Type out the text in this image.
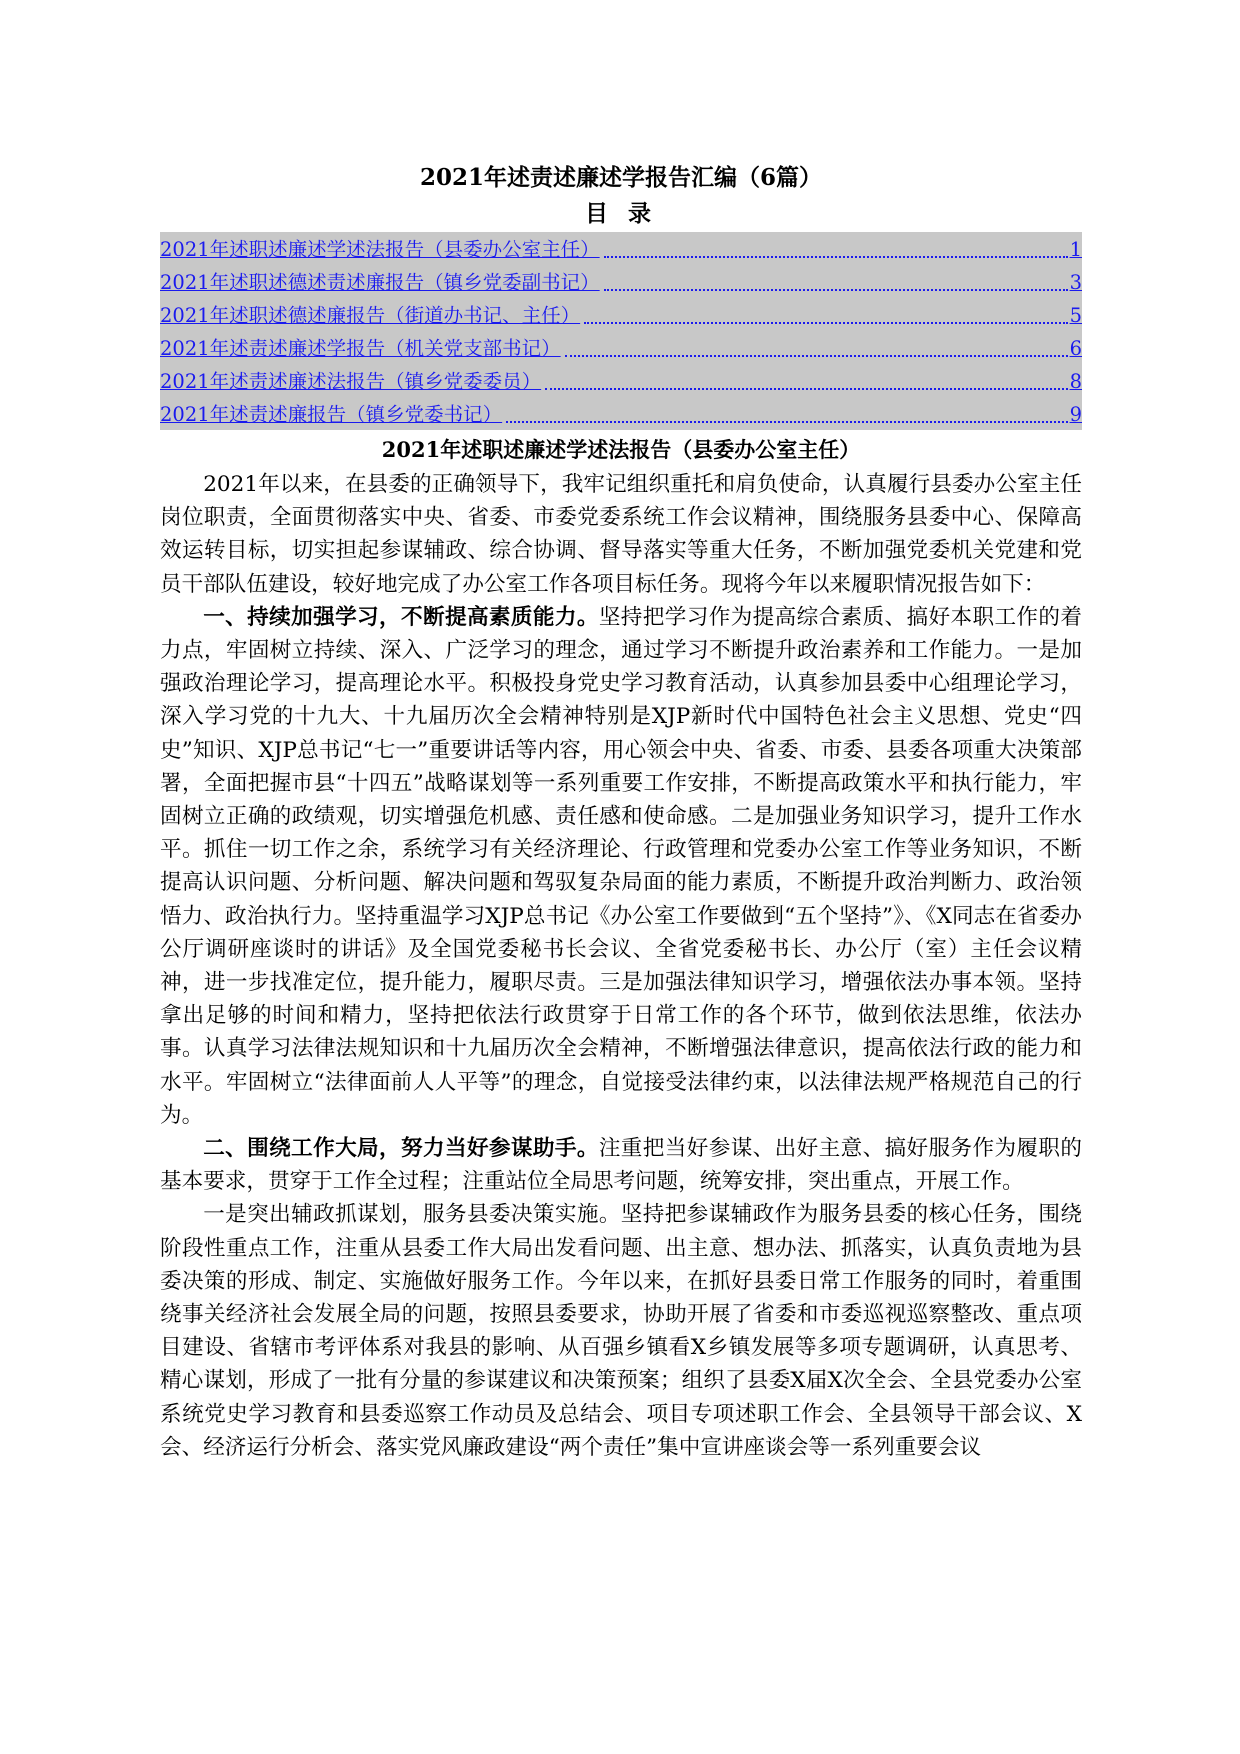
2021年述责述廉述学报告汇编（6篇）
目 录
2021年述职述廉述学述法报告（县委办公室主任）	1
2021年述职述德述责述廉报告（镇乡党委副书记）	3
2021年述职述德述廉报告（街道办书记、主任）	5
2021年述责述廉述学报告（机关党支部书记）	6
2021年述责述廉述法报告（镇乡党委委员）	8
2021年述责述廉报告（镇乡党委书记）	9
2021年述职述廉述学述法报告（县委办公室主任）

2021年以来，在县委的正确领导下，我牢记组织重托和肩负使命，认真履行县委办公室主任岗位职责，全面贯彻落实中央、省委、市委党委系统工作会议精神，围绕服务县委中心、保障高效运转目标，切实担起参谋辅政、综合协调、督导落实等重大任务，不断加强党委机关党建和党员干部队伍建设，较好地完成了办公室工作各项目标任务。现将今年以来履职情况报告如下：

一、持续加强学习，不断提高素质能力。坚持把学习作为提高综合素质、搞好本职工作的着力点，牢固树立持续、深入、广泛学习的理念，通过学习不断提升政治素养和工作能力。一是加强政治理论学习，提高理论水平。积极投身党史学习教育活动，认真参加县委中心组理论学习，深入学习党的十九大、十九届历次全会精神特别是XJP新时代中国特色社会主义思想、党史“四史”知识、XJP总书记“七一”重要讲话等内容，用心领会中央、省委、市委、县委各项重大决策部署，全面把握市县“十四五”战略谋划等一系列重要工作安排，不断提高政策水平和执行能力，牢固树立正确的政绩观，切实增强危机感、责任感和使命感。二是加强业务知识学习，提升工作水平。抓住一切工作之余，系统学习有关经济理论、行政管理和党委办公室工作等业务知识，不断提高认识问题、分析问题、解决问题和驾驭复杂局面的能力素质，不断提升政治判断力、政治领悟力、政治执行力。坚持重温学习XJP总书记《办公室工作要做到“五个坚持”》、《X同志在省委办公厅调研座谈时的讲话》及全国党委秘书长会议、全省党委秘书长、办公厅（室）主任会议精神，进一步找准定位，提升能力，履职尽责。三是加强法律知识学习，增强依法办事本领。坚持拿出足够的时间和精力，坚持把依法行政贯穿于日常工作的各个环节，做到依法思维，依法办事。认真学习法律法规知识和十九届历次全会精神，不断增强法律意识，提高依法行政的能力和水平。牢固树立“法律面前人人平等”的理念，自觉接受法律约束，以法律法规严格规范自己的行为。

二、围绕工作大局，努力当好参谋助手。注重把当好参谋、出好主意、搞好服务作为履职的基本要求，贯穿于工作全过程；注重站位全局思考问题，统筹安排，突出重点，开展工作。

一是突出辅政抓谋划，服务县委决策实施。坚持把参谋辅政作为服务县委的核心任务，围绕阶段性重点工作，注重从县委工作大局出发看问题、出主意、想办法、抓落实，认真负责地为县委决策的形成、制定、实施做好服务工作。今年以来，在抓好县委日常工作服务的同时，着重围绕事关经济社会发展全局的问题，按照县委要求，协助开展了省委和市委巡视巡察整改、重点项目建设、省辖市考评体系对我县的影响、从百强乡镇看X乡镇发展等多项专题调研，认真思考、精心谋划，形成了一批有分量的参谋建议和决策预案；组织了县委X届X次全会、全县党委办公室系统党史学习教育和县委巡察工作动员及总结会、项目专项述职工作会、全县领导干部会议、X会、经济运行分析会、落实党风廉政建设“两个责任”集中宣讲座谈会等一系列重要会议
